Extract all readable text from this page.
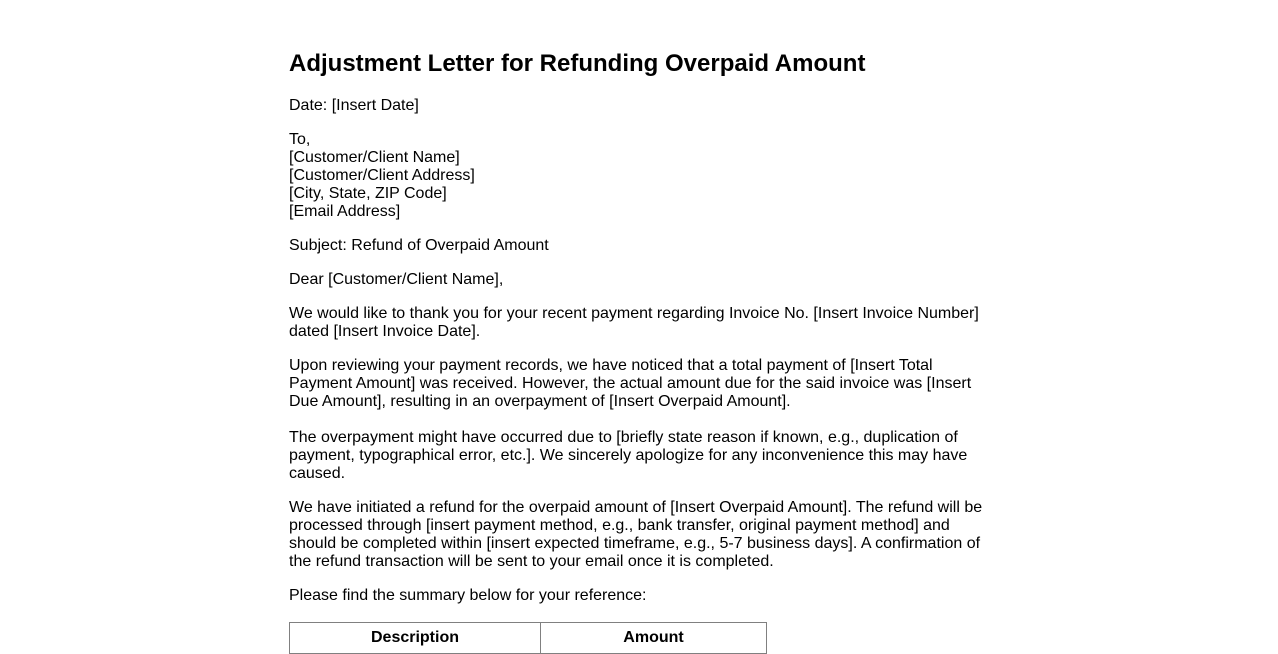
Adjustment Letter for Refunding Overpaid Amount

Date: [Insert Date]

To,
[Customer/Client Name]
[Customer/Client Address]
[City, State, ZIP Code]
[Email Address]

Subject: Refund of Overpaid Amount

Dear [Customer/Client Name],

We would like to thank you for your recent payment regarding Invoice No. [Insert Invoice Number]
dated [Insert Invoice Date].

Upon reviewing your payment records, we have noticed that a total payment of [Insert Total
Payment Amount] was received. However, the actual amount due for the said invoice was [Insert
Due Amount], resulting in an overpayment of [Insert Overpaid Amount].

The overpayment might have occurred due to [briefly state reason if known, e.g., duplication of
payment, typographical error, etc.]. We sincerely apologize for any inconvenience this may have
caused.

We have initiated a refund for the overpaid amount of [Insert Overpaid Amount]. The refund will be
processed through [insert payment method, e.g., bank transfer, original payment method] and
should be completed within [insert expected timeframe, e.g., 5-7 business days]. A confirmation of
the refund transaction will be sent to your email once it is completed.

Please find the summary below for your reference:

Description	Amount
